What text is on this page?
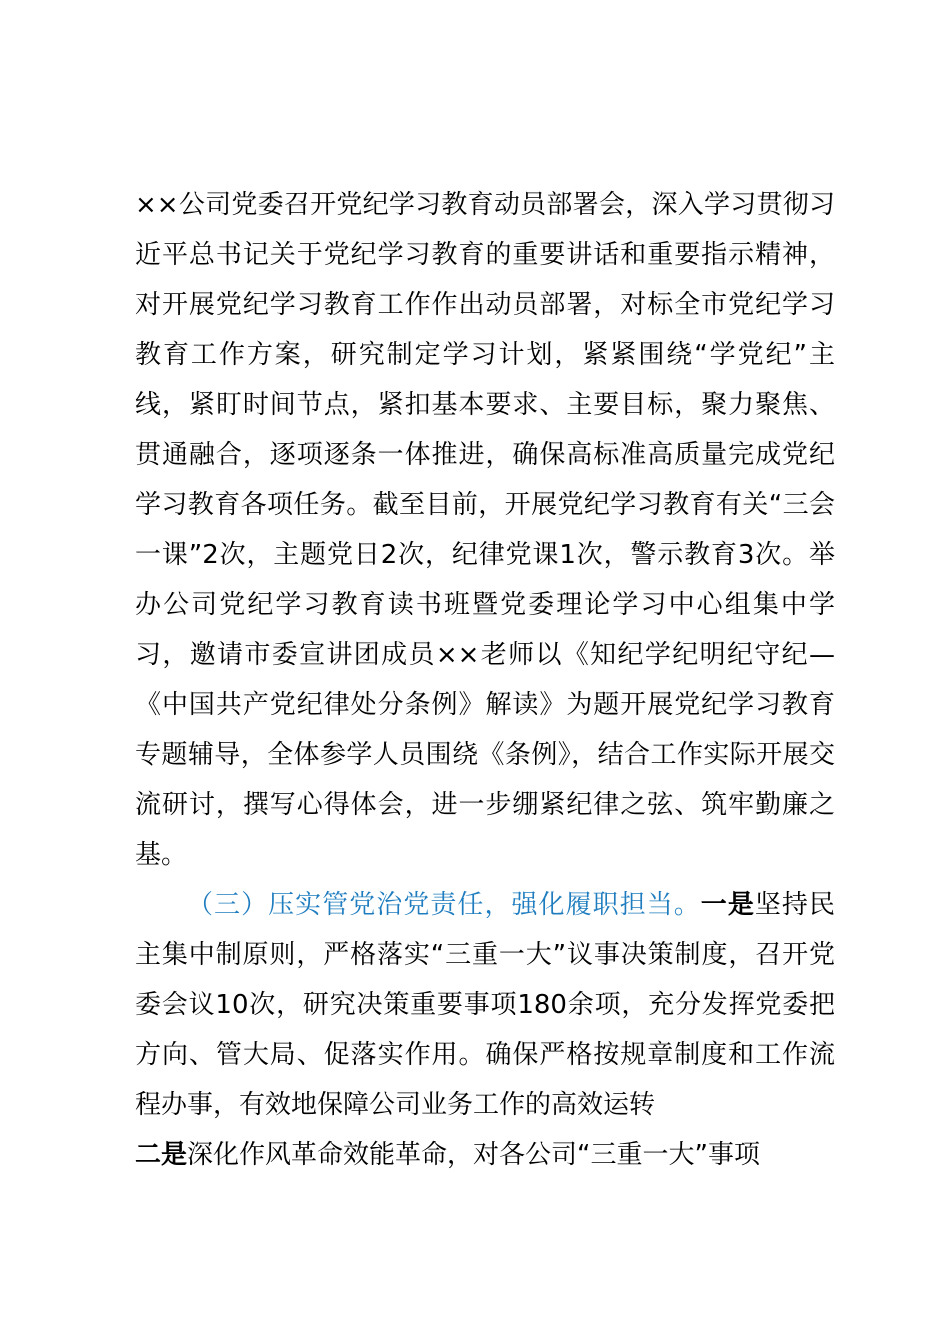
××公司党委召开党纪学习教育动员部署会，深入学习贯彻习近平总书记关于党纪学习教育的重要讲话和重要指示精神，对开展党纪学习教育工作作出动员部署，对标全市党纪学习教育工作方案，研究制定学习计划，紧紧围绕“学党纪”主线，紧盯时间节点，紧扣基本要求、主要目标，聚力聚焦、贯通融合，逐项逐条一体推进，确保高标准高质量完成党纪学习教育各项任务。截至目前，开展党纪学习教育有关“三会一课”2次，主题党日2次，纪律党课1次，警示教育3次。举办公司党纪学习教育读书班暨党委理论学习中心组集中学习，邀请市委宣讲团成员××老师以《知纪学纪明纪守纪—《中国共产党纪律处分条例》解读》为题开展党纪学习教育专题辅导，全体参学人员围绕《条例》，结合工作实际开展交流研讨，撰写心得体会，进一步绷紧纪律之弦、筑牢勤廉之基。

（三）压实管党治党责任，强化履职担当。一是坚持民主集中制原则，严格落实“三重一大”议事决策制度，召开党委会议10次，研究决策重要事项180余项，充分发挥党委把方向、管大局、促落实作用。确保严格按规章制度和工作流程办事，有效地保障公司业务工作的高效运转
二是深化作风革命效能革命，对各公司“三重一大”事项
